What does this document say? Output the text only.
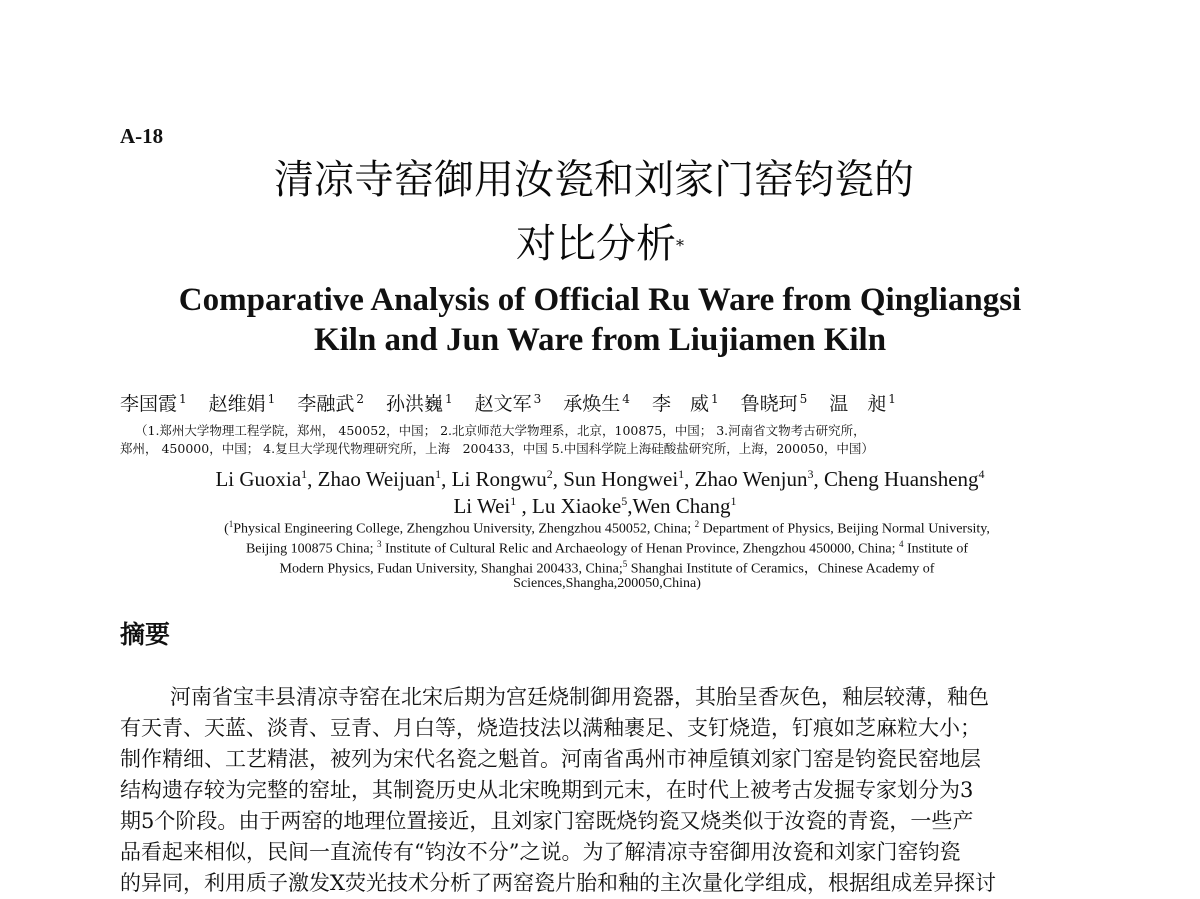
A-18
清凉寺窑御用汝瓷和刘家门窑钧瓷的
对比分析*
Comparative Analysis of Official Ru Ware from Qingliangsi
Kiln and Jun Ware from Liujiamen Kiln
李国霞 $^1$ 赵维娟 $^1$ 李融武 $^2$ 孙洪巍 $^1$ 赵文军 $^3$ 承焕生 $^4$ 李　威 $^1$ 鲁晓珂 $^5$ 温　昶 $^1$
（1.郑州大学物理工程学院，郑州， 450052，中国； 2.北京师范大学物理系，北京，100875，中国； 3.河南省文物考古研究所，
郑州， 450000，中国； 4.复旦大学现代物理研究所，上海　200433，中国 5.中国科学院上海硅酸盐研究所，上海，200050，中国）
Li Guoxia$^1$, Zhao Weijuan$^1$, Li Rongwu$^2$, Sun Hongwei$^1$, Zhao Wenjun$^3$, Cheng Huansheng$^4$
Li Wei$^1$ , Lu Xiaoke$^5$,Wen Chang$^1$
($^1$Physical Engineering College, Zhengzhou University, Zhengzhou 450052, China; $^2$ Department of Physics, Beijing Normal University,
Beijing 100875 China; $^3$ Institute of Cultural Relic and Archaeology of Henan Province, Zhengzhou 450000, China; $^4$ Institute of
Modern Physics, Fudan University, Shanghai 200433, China;$^5$ Shanghai Institute of Ceramics，Chinese Academy of
Sciences,Shangha,200050,China)
摘要
河南省宝丰县清凉寺窑在北宋后期为宫廷烧制御用瓷器，其胎呈香灰色，釉层较薄，釉色
有天青、天蓝、淡青、豆青、月白等，烧造技法以满釉裹足、支钉烧造，钉痕如芝麻粒大小；
制作精细、工艺精湛，被列为宋代名瓷之魁首。河南省禹州市神垕镇刘家门窑是钧瓷民窑地层
结构遗存较为完整的窑址，其制瓷历史从北宋晚期到元末，在时代上被考古发掘专家划分为3
期5个阶段。由于两窑的地理位置接近，且刘家门窑既烧钧瓷又烧类似于汝瓷的青瓷，一些产
品看起来相似，民间一直流传有“钧汝不分”之说。为了解清凉寺窑御用汝瓷和刘家门窑钧瓷
的异同，利用质子激发X荧光技术分析了两窑瓷片胎和釉的主次量化学组成，根据组成差异探讨
